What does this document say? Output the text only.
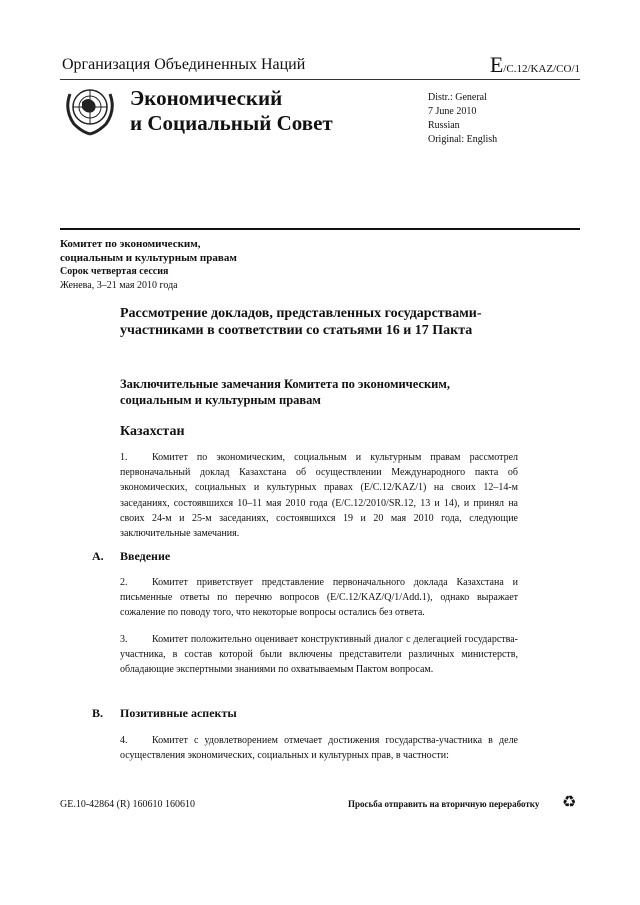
Организация Объединенных Наций	E/C.12/KAZ/CO/1
Экономический
и Социальный Совет
Distr.: General
7 June 2010
Russian
Original: English
Комитет по экономическим,
социальным и культурным правам
Сорок четвертая сессия
Женева, 3–21 мая 2010 года
Рассмотрение докладов, представленных государствами-участниками в соответствии со статьями 16 и 17 Пакта
Заключительные замечания Комитета по экономическим, социальным и культурным правам
Казахстан
1. Комитет по экономическим, социальным и культурным правам рассмотрел первоначальный доклад Казахстана об осуществлении Международного пакта об экономических, социальных и культурных правах (E/C.12/KAZ/1) на своих 12–14-м заседаниях, состоявшихся 10–11 мая 2010 года (E/C.12/2010/SR.12, 13 и 14), и принял на своих 24-м и 25-м заседаниях, состоявшихся 19 и 20 мая 2010 года, следующие заключительные замечания.
A. Введение
2. Комитет приветствует представление первоначального доклада Казахстана и письменные ответы по перечню вопросов (E/C.12/KAZ/Q/1/Add.1), однако выражает сожаление по поводу того, что некоторые вопросы остались без ответа.
3. Комитет положительно оценивает конструктивный диалог с делегацией государства-участника, в состав которой были включены представители различных министерств, обладающие экспертными знаниями по охватываемым Пактом вопросам.
B. Позитивные аспекты
4. Комитет с удовлетворением отмечает достижения государства-участника в деле осуществления экономических, социальных и культурных прав, в частности:
GE.10-42864 (R) 160610 160610	Просьба отправить на вторичную переработку ♻
